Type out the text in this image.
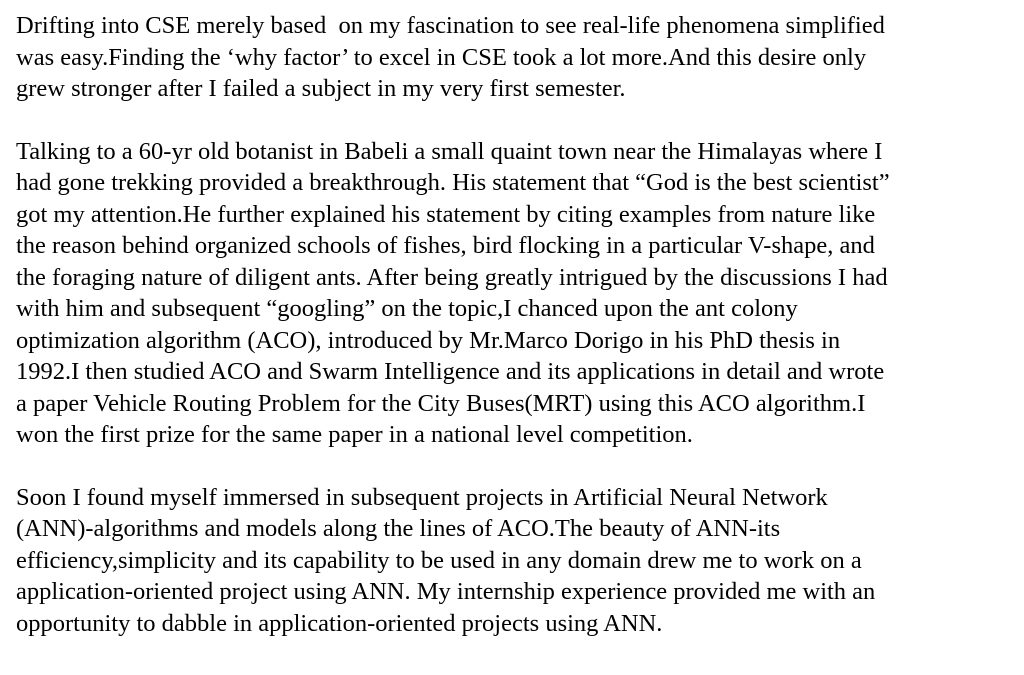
Drifting into CSE merely based  on my fascination to see real-life phenomena simplified
was easy.Finding the ‘why factor’ to excel in CSE took a lot more.And this desire only
grew stronger after I failed a subject in my very first semester.

Talking to a 60-yr old botanist in Babeli a small quaint town near the Himalayas where I
had gone trekking provided a breakthrough. His statement that “God is the best scientist”
got my attention.He further explained his statement by citing examples from nature like
the reason behind organized schools of fishes, bird flocking in a particular V-shape, and
the foraging nature of diligent ants. After being greatly intrigued by the discussions I had
with him and subsequent “googling” on the topic,I chanced upon the ant colony
optimization algorithm (ACO), introduced by Mr.Marco Dorigo in his PhD thesis in
1992.I then studied ACO and Swarm Intelligence and its applications in detail and wrote
a paper Vehicle Routing Problem for the City Buses(MRT) using this ACO algorithm.I
won the first prize for the same paper in a national level competition.

Soon I found myself immersed in subsequent projects in Artificial Neural Network
(ANN)-algorithms and models along the lines of ACO.The beauty of ANN-its
efficiency,simplicity and its capability to be used in any domain drew me to work on a
application-oriented project using ANN. My internship experience provided me with an
opportunity to dabble in application-oriented projects using ANN.
